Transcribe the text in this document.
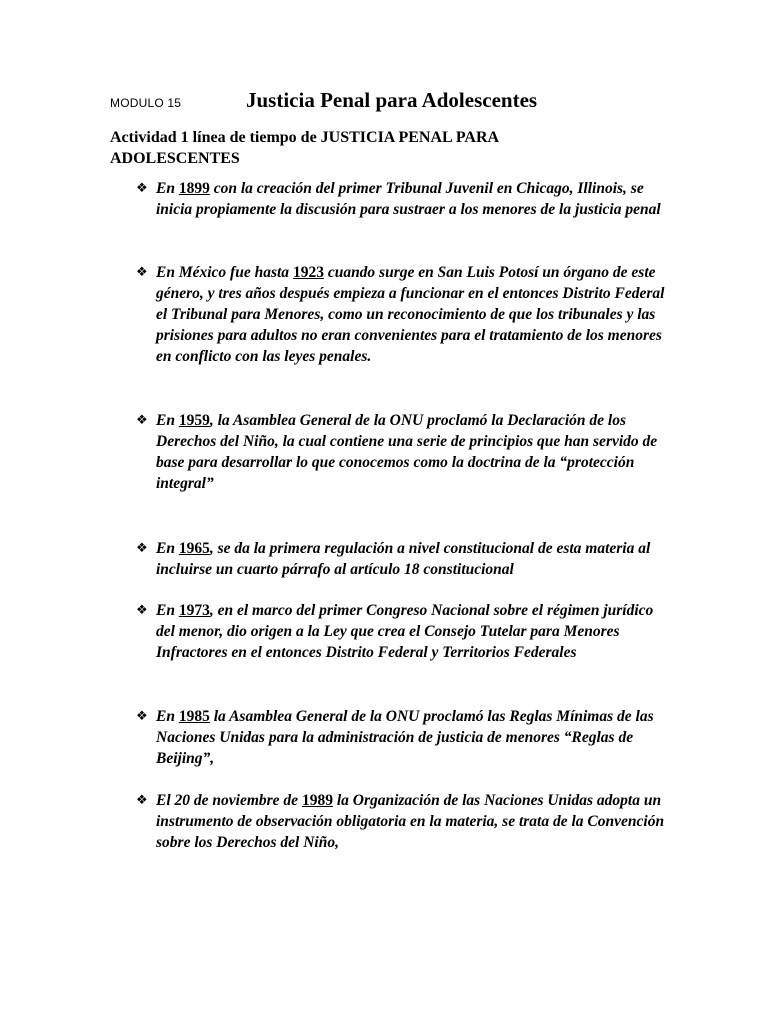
MODULO 15	Justicia Penal para Adolescentes
Actividad 1 línea de tiempo de JUSTICIA PENAL PARA ADOLESCENTES
❖ En 1899 con la creación del primer Tribunal Juvenil en Chicago, Illinois, se inicia propiamente la discusión para sustraer a los menores de la justicia penal
❖ En México fue hasta 1923 cuando surge en San Luis Potosí un órgano de este género, y tres años después empieza a funcionar en el entonces Distrito Federal el Tribunal para Menores, como un reconocimiento de que los tribunales y las prisiones para adultos no eran convenientes para el tratamiento de los menores en conflicto con las leyes penales.
❖ En 1959, la Asamblea General de la ONU proclamó la Declaración de los Derechos del Niño, la cual contiene una serie de principios que han servido de base para desarrollar lo que conocemos como la doctrina de la “protección integral”
❖ En 1965, se da la primera regulación a nivel constitucional de esta materia al incluirse un cuarto párrafo al artículo 18 constitucional
❖ En 1973, en el marco del primer Congreso Nacional sobre el régimen jurídico del menor, dio origen a la Ley que crea el Consejo Tutelar para Menores Infractores en el entonces Distrito Federal y Territorios Federales
❖ En 1985 la Asamblea General de la ONU proclamó las Reglas Mínimas de las Naciones Unidas para la administración de justicia de menores “Reglas de Beijing”,
❖ El 20 de noviembre de 1989 la Organización de las Naciones Unidas adopta un instrumento de observación obligatoria en la materia, se trata de la Convención sobre los Derechos del Niño,
